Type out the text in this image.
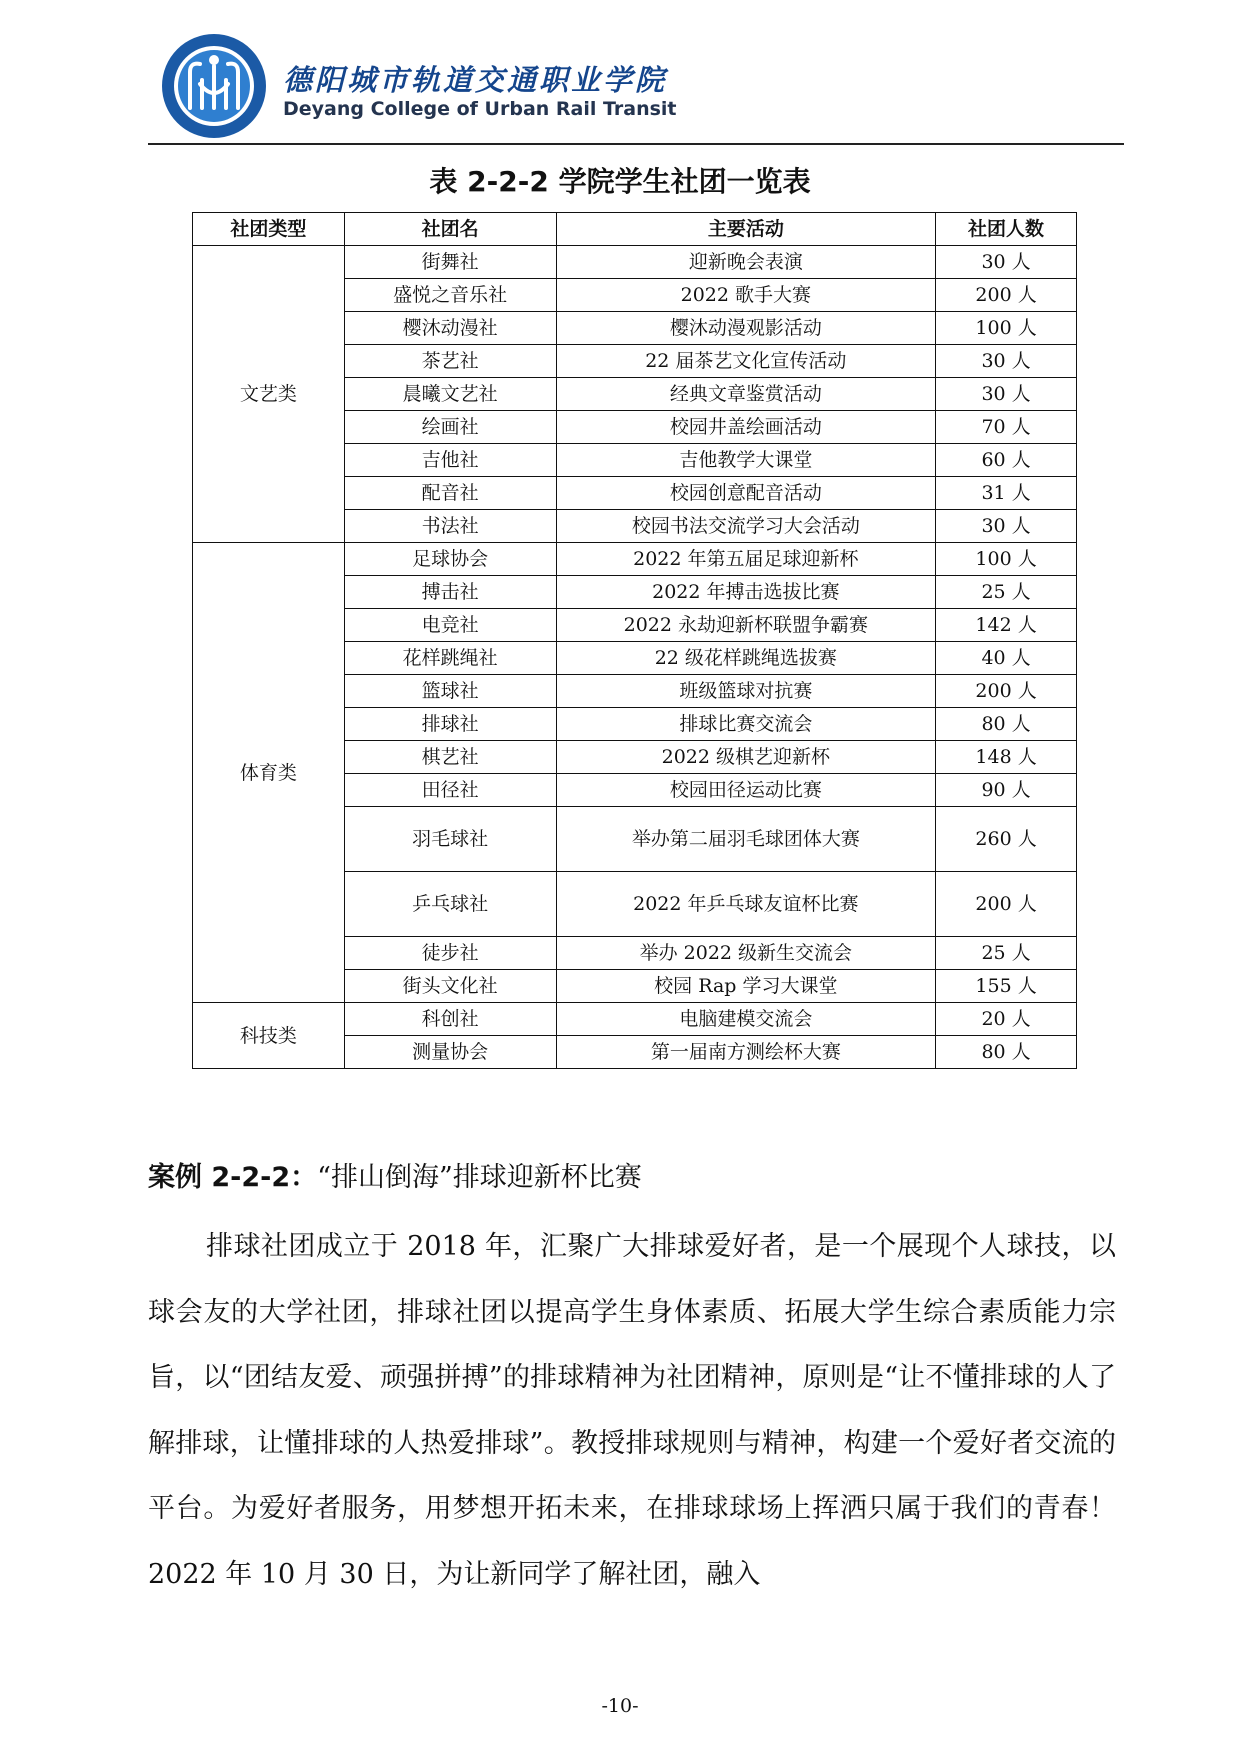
德阳城市轨道交通职业学院
Deyang College of Urban Rail Transit
表 2-2-2 学院学生社团一览表
社团类型	社团名	主要活动	社团人数
文艺类	街舞社	迎新晚会表演	30 人
	盛悦之音乐社	2022 歌手大赛	200 人
	樱沐动漫社	樱沐动漫观影活动	100 人
	茶艺社	22 届茶艺文化宣传活动	30 人
	晨曦文艺社	经典文章鉴赏活动	30 人
	绘画社	校园井盖绘画活动	70 人
	吉他社	吉他教学大课堂	60 人
	配音社	校园创意配音活动	31 人
	书法社	校园书法交流学习大会活动	30 人
体育类	足球协会	2022 年第五届足球迎新杯	100 人
	搏击社	2022 年搏击选拔比赛	25 人
	电竞社	2022 永劫迎新杯联盟争霸赛	142 人
	花样跳绳社	22 级花样跳绳选拔赛	40 人
	篮球社	班级篮球对抗赛	200 人
	排球社	排球比赛交流会	80 人
	棋艺社	2022 级棋艺迎新杯	148 人
	田径社	校园田径运动比赛	90 人
	羽毛球社	举办第二届羽毛球团体大赛	260 人
	乒乓球社	2022 年乒乓球友谊杯比赛	200 人
	徒步社	举办 2022 级新生交流会	25 人
	街头文化社	校园 Rap 学习大课堂	155 人
科技类	科创社	电脑建模交流会	20 人
	测量协会	第一届南方测绘杯大赛	80 人
案例 2-2-2：“排山倒海”排球迎新杯比赛
排球社团成立于 2018 年，汇聚广大排球爱好者，是一个展现个人球技，以球会友的大学社团，排球社团以提高学生身体素质、拓展大学生综合素质能力宗旨，以“团结友爱、顽强拼搏”的排球精神为社团精神，原则是“让不懂排球的人了解排球，让懂排球的人热爱排球”。教授排球规则与精神，构建一个爱好者交流的平台。为爱好者服务，用梦想开拓未来，在排球球场上挥洒只属于我们的青春！2022 年 10 月 30 日，为让新同学了解社团，融入
-10-
